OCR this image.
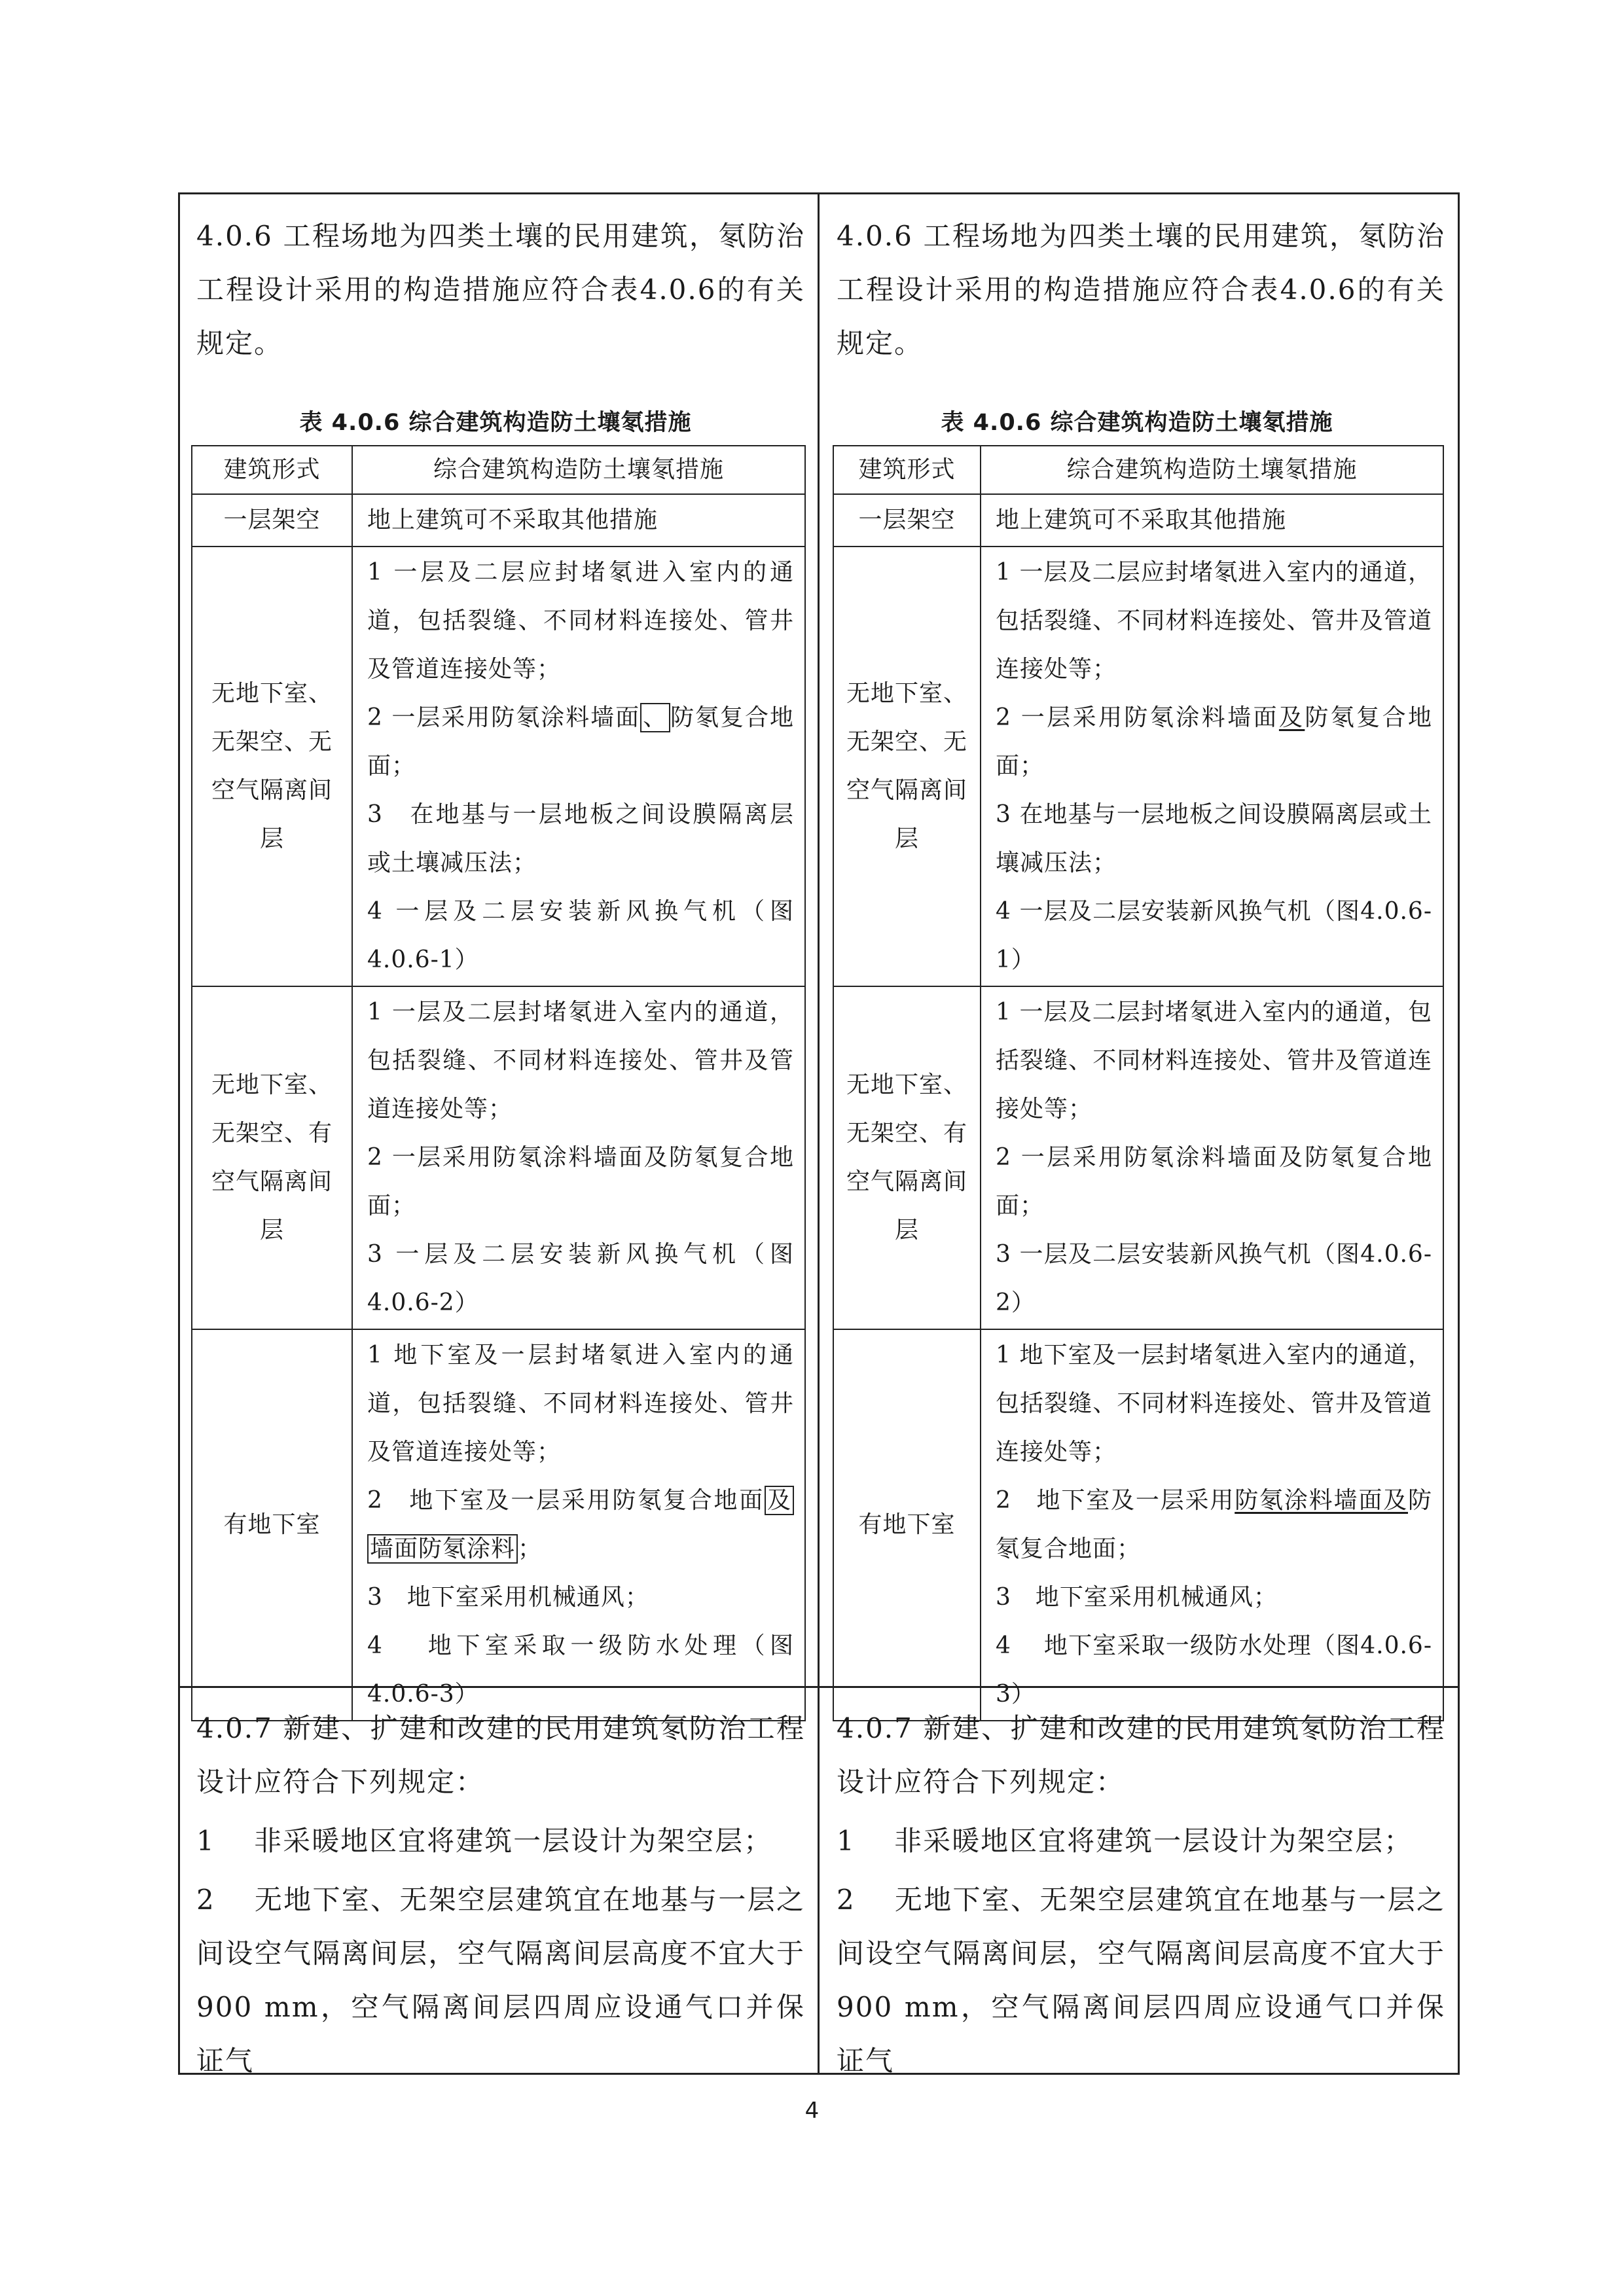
4.0.6 工程场地为四类土壤的民用建筑，氡防治工程设计采用的构造措施应符合表4.0.6的有关规定。

表 4.0.6 综合建筑构造防土壤氡措施
建筑形式	综合建筑构造防土壤氡措施
一层架空	地上建筑可不采取其他措施

无地下室、无架空、无空气隔离间层	1 一层及二层应封堵氡进入室内的通道，包括裂缝、不同材料连接处、管井及管道连接处等；
2 一层采用防氡涂料墙面 、 防氡复合地面；
3　在地基与一层地板之间设膜隔离层或土壤减压法；
4 一层及二层安装新风换气机（图4.0.6-1）

无地下室、无架空、有空气隔离间层	1 一层及二层封堵氡进入室内的通道，包括裂缝、不同材料连接处、管井及管道连接处等；
2 一层采用防氡涂料墙面及防氡复合地面；
3 一层及二层安装新风换气机（图4.0.6-2）

有地下室	1 地下室及一层封堵氡进入室内的通道，包括裂缝、不同材料连接处、管井及管道连接处等；
2　地下室及一层采用防氡复合地面 及墙面防氡涂料 ；
3　地下室采用机械通风；
4　 地下室采取一级防水处理（图4.0.6-3）

4.0.7 新建、扩建和改建的民用建筑氡防治工程设计应符合下列规定：

1　 非采暖地区宜将建筑一层设计为架空层；

2　 无地下室、无架空层建筑宜在地基与一层之间设空气隔离间层，空气隔离间层高度不宜大于900 mm，空气隔离间层四周应设通气口并保证气

4.0.6 工程场地为四类土壤的民用建筑，氡防治工程设计采用的构造措施应符合表4.0.6的有关规定。

表 4.0.6 综合建筑构造防土壤氡措施
建筑形式	综合建筑构造防土壤氡措施
一层架空	地上建筑可不采取其他措施

无地下室、无架空、无空气隔离间层	1 一层及二层应封堵氡进入室内的通道，包括裂缝、不同材料连接处、管井及管道连接处等；
2 一层采用防氡涂料墙面及防氡复合地面；
3 在地基与一层地板之间设膜隔离层或土壤减压法；
4 一层及二层安装新风换气机（图4.0.6-1）

无地下室、无架空、有空气隔离间层	1 一层及二层封堵氡进入室内的通道，包括裂缝、不同材料连接处、管井及管道连接处等；
2 一层采用防氡涂料墙面及防氡复合地面；
3 一层及二层安装新风换气机（图4.0.6-2）

有地下室	1 地下室及一层封堵氡进入室内的通道，包括裂缝、不同材料连接处、管井及管道连接处等；
2　地下室及一层采用防氡涂料墙面及防氡复合地面；
3　地下室采用机械通风；
4　 地下室采取一级防水处理（图4.0.6-3）

4.0.7 新建、扩建和改建的民用建筑氡防治工程设计应符合下列规定：

1　 非采暖地区宜将建筑一层设计为架空层；

2　 无地下室、无架空层建筑宜在地基与一层之间设空气隔离间层，空气隔离间层高度不宜大于900 mm，空气隔离间层四周应设通气口并保证气

4
